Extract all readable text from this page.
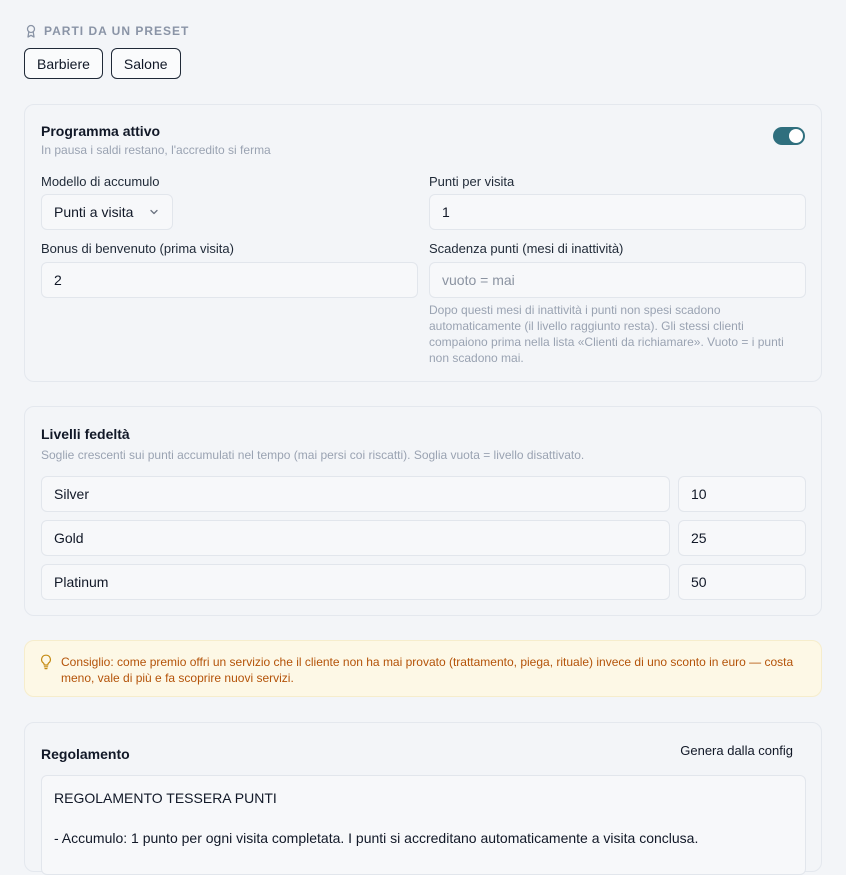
PARTI DA UN PRESET
Barbiere	Salone
Programma attivo
In pausa i saldi restano, l'accredito si ferma
Modello di accumulo
Punti a visita
Punti per visita
1
Bonus di benvenuto (prima visita)
2
Scadenza punti (mesi di inattività)
vuoto = mai
Dopo questi mesi di inattività i punti non spesi scadono automaticamente (il livello raggiunto resta). Gli stessi clienti compaiono prima nella lista «Clienti da richiamare». Vuoto = i punti non scadono mai.
Livelli fedeltà
Soglie crescenti sui punti accumulati nel tempo (mai persi coi riscatti). Soglia vuota = livello disattivato.
Silver	10
Gold	25
Platinum	50
Consiglio: come premio offri un servizio che il cliente non ha mai provato (trattamento, piega, rituale) invece di uno sconto in euro — costa meno, vale di più e fa scoprire nuovi servizi.
Regolamento	Genera dalla config
REGOLAMENTO TESSERA PUNTI

- Accumulo: 1 punto per ogni visita completata. I punti si accreditano automaticamente a visita conclusa.
